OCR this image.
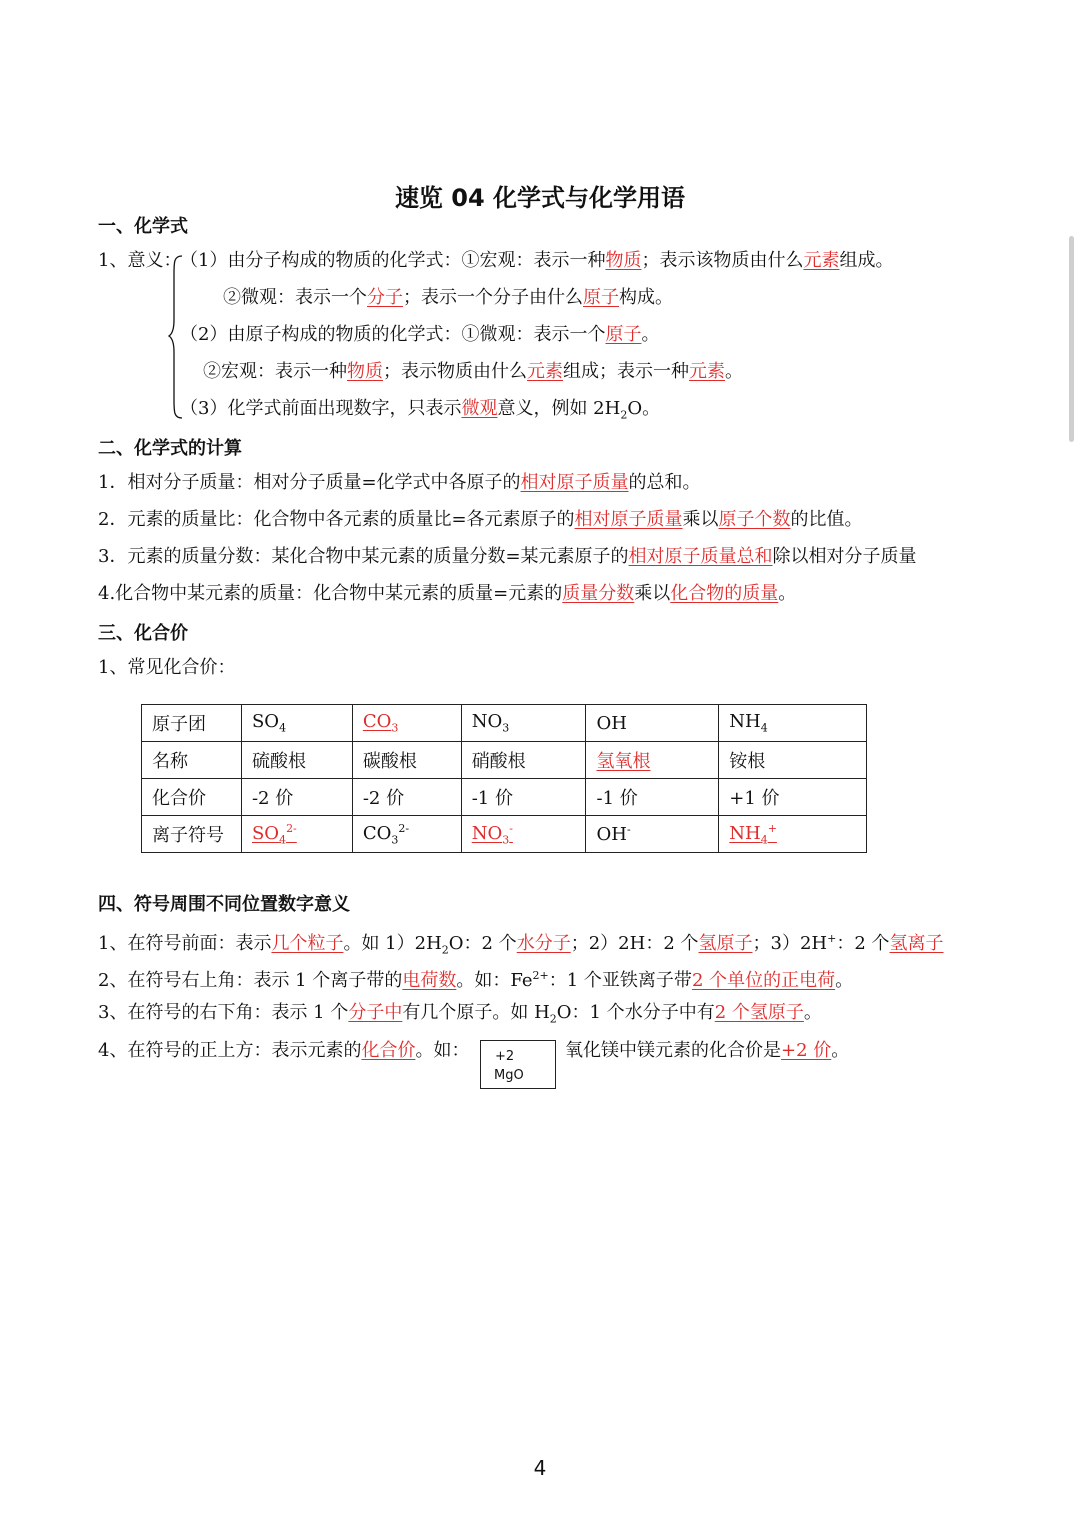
速览 04 化学式与化学用语
一、化学式
1、意义：
（1）由分子构成的物质的化学式：①宏观：表示一种物质；表示该物质由什么元素组成。
②微观：表示一个分子；表示一个分子由什么原子构成。
（2）由原子构成的物质的化学式：①微观：表示一个原子。
②宏观：表示一种物质；表示物质由什么元素组成；表示一种元素。
（3）化学式前面出现数字，只表示微观意义，例如 $2H_2O$。
二、化学式的计算
1．相对分子质量：相对分子质量=化学式中各原子的相对原子质量的总和。
2．元素的质量比：化合物中各元素的质量比=各元素原子的相对原子质量乘以原子个数的比值。
3．元素的质量分数：某化合物中某元素的质量分数=某元素原子的相对原子质量总和除以相对分子质量
4.化合物中某元素的质量：化合物中某元素的质量=元素的质量分数乘以化合物的质量。
三、化合价
1、常见化合价：
原子团	$SO_4$	$CO_3$	$NO_3$	OH	$NH_4$
名称	硫酸根	碳酸根	硝酸根	氢氧根	铵根
化合价	-2 价	-2 价	-1 价	-1 价	+1 价
离子符号	$SO_4^{2-}$	$CO_3^{2-}$	$NO_3^-$	OH-	$NH_4^+$
四、符号周围不同位置数字意义
1、在符号前面：表示几个粒子。如 $1)2H_2O$：2 个水分子；2）2H：2 个氢原子；3）2H+：2 个氢离子
2、在符号右上角：表示 1 个离子带的电荷数。如：$Fe^{2+}$：1 个亚铁离子带2 个单位的正电荷。
3、在符号的右下角：表示 1 个分子中有几个原子。如 $H_2O$：1 个水分子中有2 个氢原子。
4、在符号的正上方：表示元素的化合价。如： +2
MgO
氧化镁中镁元素的化合价是+2 价。
4
